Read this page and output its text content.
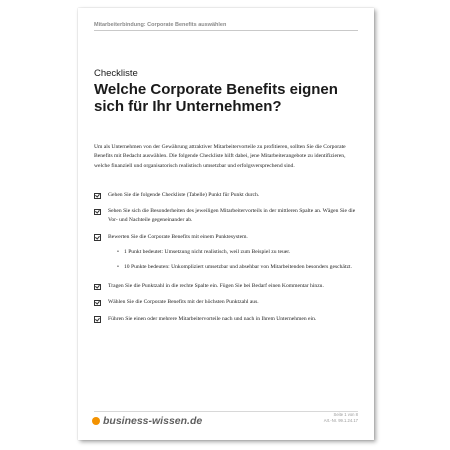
Mitarbeiterbindung: Corporate Benefits auswählen
Checkliste
Welche Corporate Benefits eignen sich für Ihr Unternehmen?
Um als Unternehmen von der Gewährung attraktiver Mitarbeitervorteile zu profitieren, sollten Sie die Corporate Benefits mit Bedacht auswählen. Die folgende Checkliste hilft dabei, jene Mitarbeiterangebote zu identifizieren, welche finanziell und organisatorisch realistisch umsetzbar und erfolgsversprechend sind.
Gehen Sie die folgende Checkliste (Tabelle) Punkt für Punkt durch.
Sehen Sie sich die Besonderheiten des jeweiligen Mitarbeitervorteils in der mittleren Spalte an. Wägen Sie die Vor- und Nachteile gegeneinander ab.
Bewerten Sie die Corporate Benefits mit einem Punktesystem.
• 1 Punkt bedeutet: Umsetzung nicht realistisch, weil zum Beispiel zu teuer.
• 10 Punkte bedeuten: Unkompliziert umsetzbar und absehbar von Mitarbeitenden besonders geschätzt.
Tragen Sie die Punktzahl in die rechte Spalte ein. Fügen Sie bei Bedarf einen Kommentar hinzu.
Wählen Sie die Corporate Benefits mit der höchsten Punktzahl aus.
Führen Sie einen oder mehrere Mitarbeitervorteile nach und nach in Ihrem Unternehmen ein.
business-wissen.de
Seite 1 von 8
Art.-Nr. 99.1.24.17
